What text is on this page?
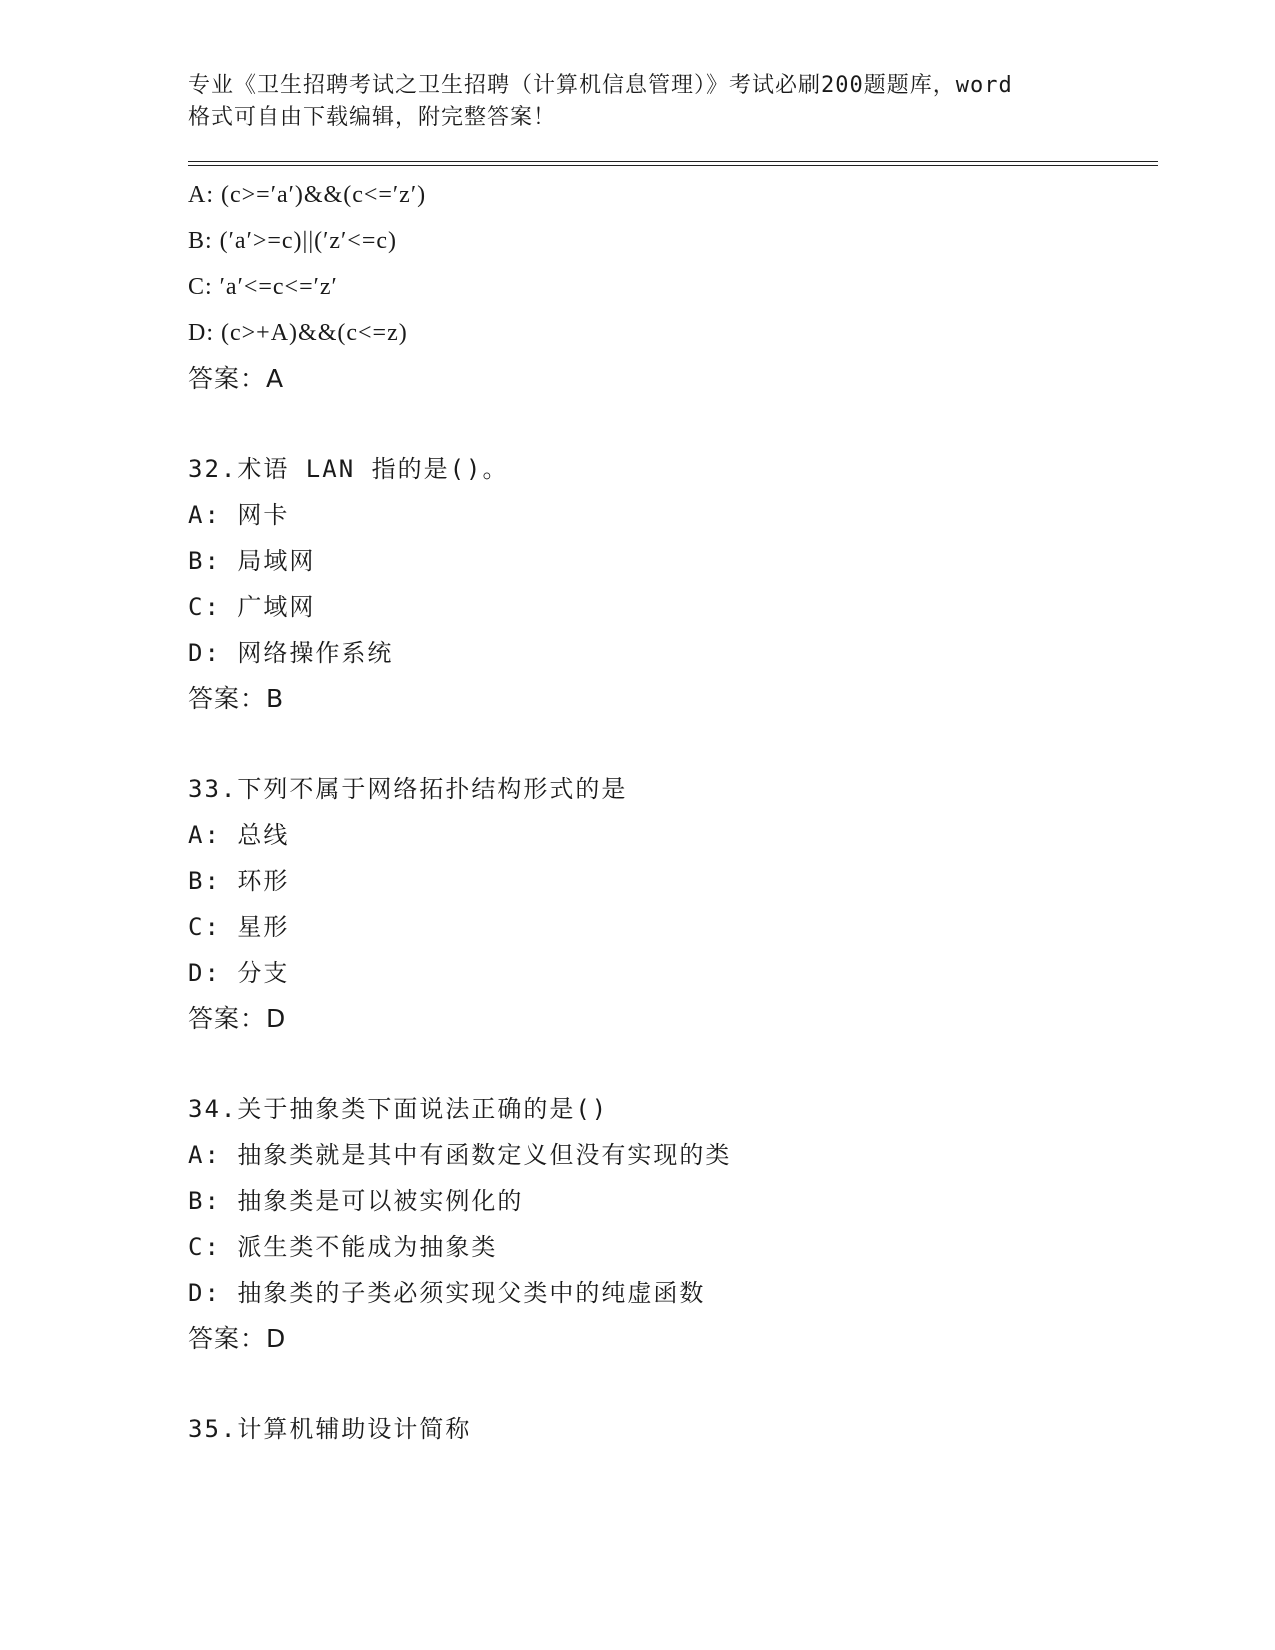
专业《卫生招聘考试之卫生招聘（计算机信息管理）》考试必刷200题题库，word
格式可自由下载编辑，附完整答案！
A: (c>=′a′)&&(c<=′z′)
B: (′a′>=c)||(′z′<=c)
C: ′a′<=c<=′z′
D: (c>+A)&&(c<=z)
答案：A
32.术语 LAN 指的是()。
A: 网卡
B: 局域网
C: 广域网
D: 网络操作系统
答案：B
33.下列不属于网络拓扑结构形式的是
A: 总线
B: 环形
C: 星形
D: 分支
答案：D
34.关于抽象类下面说法正确的是()
A: 抽象类就是其中有函数定义但没有实现的类
B: 抽象类是可以被实例化的
C: 派生类不能成为抽象类
D: 抽象类的子类必须实现父类中的纯虚函数
答案：D
35.计算机辅助设计简称
